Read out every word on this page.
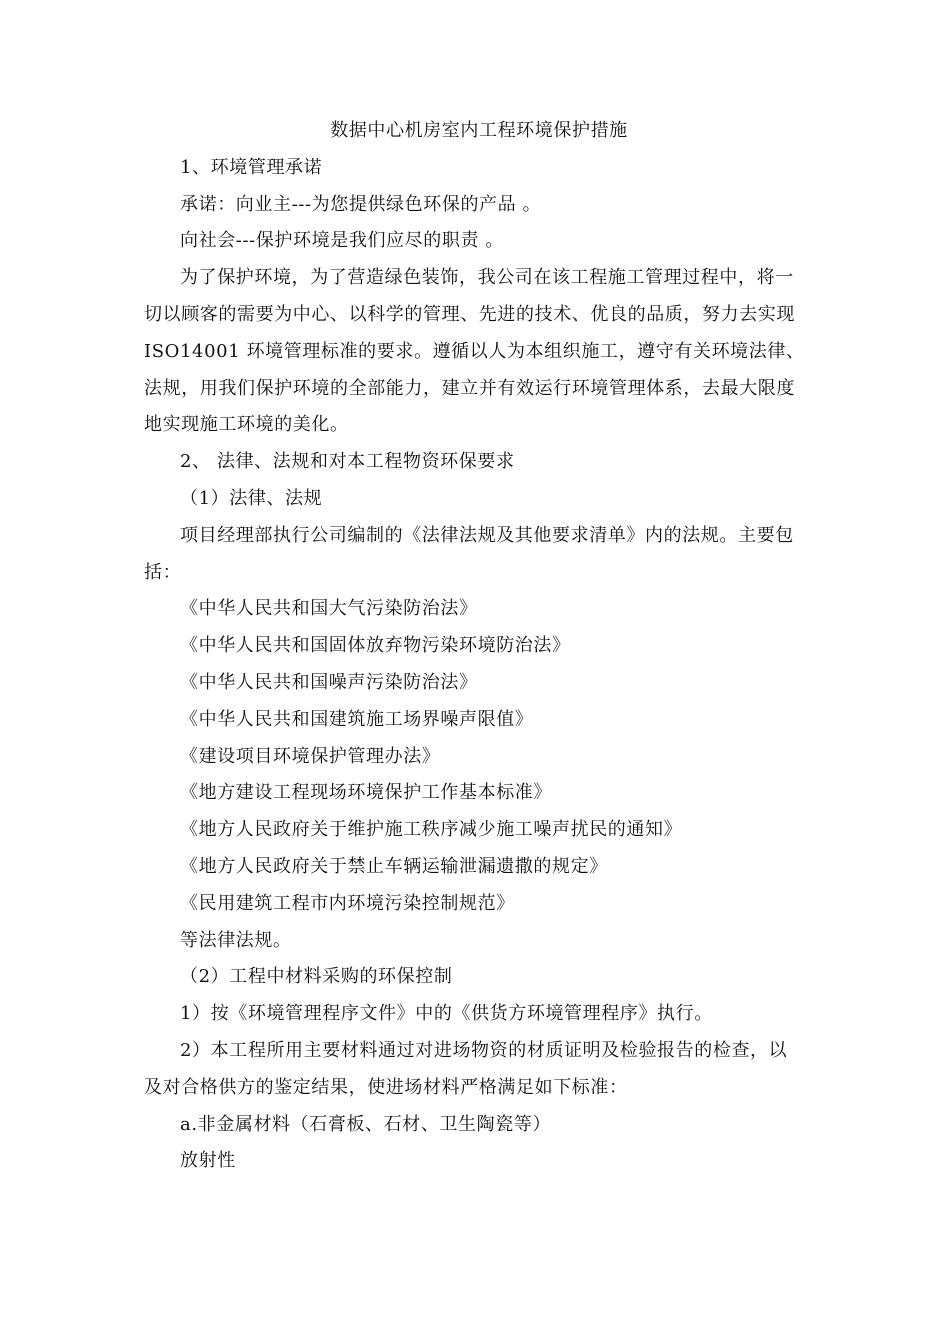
数据中心机房室内工程环境保护措施
1、环境管理承诺
承诺：向业主---为您提供绿色环保的产品 。
向社会---保护环境是我们应尽的职责 。
为了保护环境，为了营造绿色装饰，我公司在该工程施工管理过程中，将一
切以顾客的需要为中心、以科学的管理、先进的技术、优良的品质，努力去实现
ISO14001 环境管理标准的要求。遵循以人为本组织施工，遵守有关环境法律、
法规，用我们保护环境的全部能力，建立并有效运行环境管理体系，去最大限度
地实现施工环境的美化。
2、 法律、法规和对本工程物资环保要求
（1）法律、法规
项目经理部执行公司编制的《法律法规及其他要求清单》内的法规。主要包
括：
《中华人民共和国大气污染防治法》
《中华人民共和国固体放弃物污染环境防治法》
《中华人民共和国噪声污染防治法》
《中华人民共和国建筑施工场界噪声限值》
《建设项目环境保护管理办法》
《地方建设工程现场环境保护工作基本标准》
《地方人民政府关于维护施工秩序减少施工噪声扰民的通知》
《地方人民政府关于禁止车辆运输泄漏遗撒的规定》
《民用建筑工程市内环境污染控制规范》
等法律法规。
（2）工程中材料采购的环保控制
1）按《环境管理程序文件》中的《供货方环境管理程序》执行。
2）本工程所用主要材料通过对进场物资的材质证明及检验报告的检查，以
及对合格供方的鉴定结果，使进场材料严格满足如下标准：
a.非金属材料（石膏板、石材、卫生陶瓷等）
放射性
